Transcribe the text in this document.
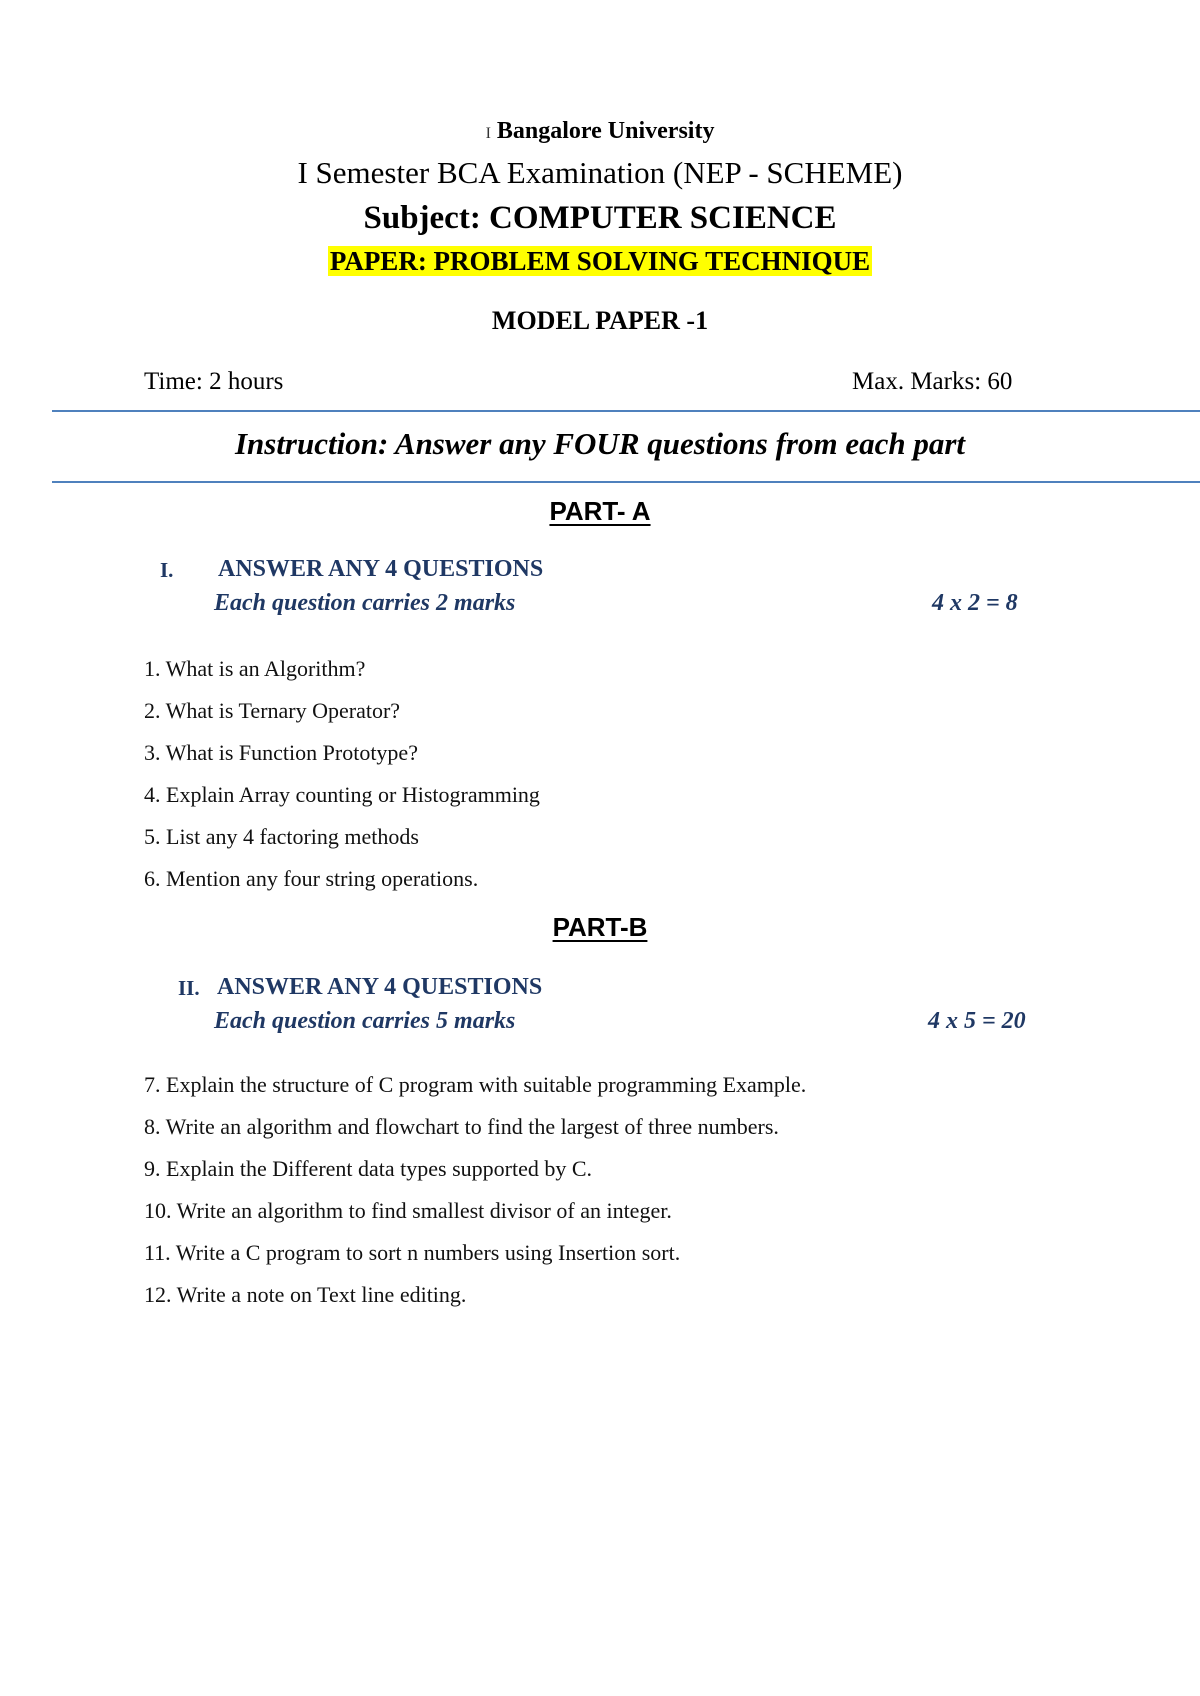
I Bangalore University
I Semester BCA Examination (NEP - SCHEME)
Subject: COMPUTER SCIENCE
PAPER: PROBLEM SOLVING TECHNIQUE
MODEL PAPER -1
Time: 2 hours	Max. Marks: 60
Instruction: Answer any FOUR questions from each part
PART- A
I. ANSWER ANY 4 QUESTIONS
Each question carries 2 marks	4 x 2 = 8
1. What is an Algorithm?
2. What is Ternary Operator?
3. What is Function Prototype?
4. Explain Array counting or Histogramming
5. List any 4 factoring methods
6. Mention any four string operations.
PART-B
II. ANSWER ANY 4 QUESTIONS
Each question carries 5 marks	4 x 5 = 20
7. Explain the structure of C program with suitable programming Example.
8. Write an algorithm and flowchart to find the largest of three numbers.
9. Explain the Different data types supported by C.
10. Write an algorithm to find smallest divisor of an integer.
11. Write a C program to sort n numbers using Insertion sort.
12. Write a note on Text line editing.
